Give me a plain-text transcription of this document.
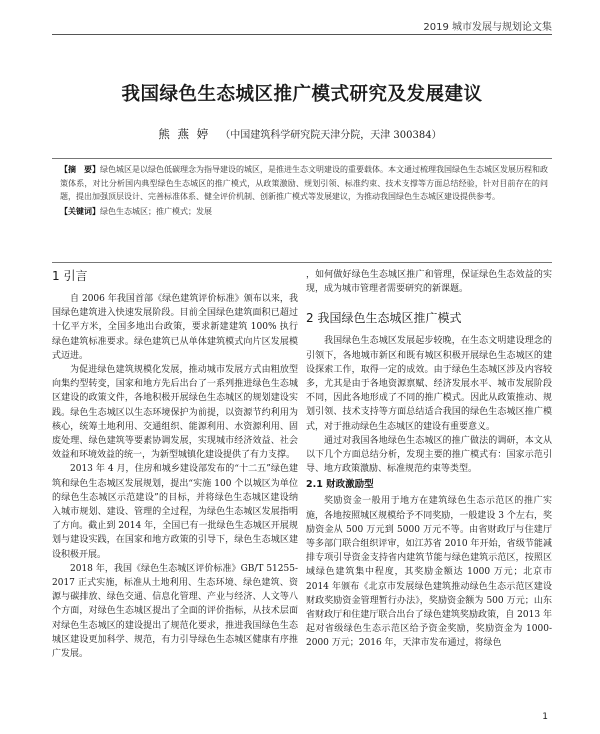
2019 城市发展与规划论文集
我国绿色生态城区推广模式研究及发展建议
熊 燕 婷 （中国建筑科学研究院天津分院，天津 300384）
【摘　要】绿色城区是以绿色低碳理念为指导建设的城区，是推进生态文明建设的重要载体。本文通过梳理我国绿色生态城区发展历程和政策体系，对比分析国内典型绿色生态城区的推广模式，从政策激励、规划引领、标准约束、技术支撑等方面总结经验，针对目前存在的问题，提出加强顶层设计、完善标准体系、健全评价机制、创新推广模式等发展建议，为推动我国绿色生态城区建设提供参考。
【关键词】绿色生态城区；推广模式；发展
1 引言

自 2006 年我国首部《绿色建筑评价标准》颁布以来，我国绿色建筑进入快速发展阶段。目前全国绿色建筑面积已超过十亿平方米，全国多地出台政策，要求新建建筑 100% 执行绿色建筑标准要求。绿色建筑已从单体建筑模式向片区发展模式迈进。

为促进绿色建筑规模化发展，推动城市发展方式由粗放型向集约型转变，国家和地方先后出台了一系列推进绿色生态城区建设的政策文件，各地积极开展绿色生态城区的规划建设实践。绿色生态城区以生态环境保护为前提，以资源节约利用为核心，统筹土地利用、交通组织、能源利用、水资源利用、固废处理、绿色建筑等要素协调发展，实现城市经济效益、社会效益和环境效益的统一，为新型城镇化建设提供了有力支撑。

2013 年 4 月，住房和城乡建设部发布的“十二五”绿色建筑和绿色生态城区发展规划，提出“实施 100 个以城区为单位的绿色生态城区示范建设”的目标，并将绿色生态城区建设纳入城市规划、建设、管理的全过程，为绿色生态城区发展指明了方向。截止到 2014 年，全国已有一批绿色生态城区开展规划与建设实践，在国家和地方政策的引导下，绿色生态城区建设积极开展。

2018 年，我国《绿色生态城区评价标准》GB/T 51255-2017 正式实施，标准从土地利用、生态环境、绿色建筑、资源与碳排放、绿色交通、信息化管理、产业与经济、人文等八个方面，对绿色生态城区提出了全面的评价指标，从技术层面对绿色生态城区的建设提出了规范化要求，推进我国绿色生态城区建设更加科学、规范，有力引导绿色生态城区健康有序推广发展。

，如何做好绿色生态城区推广和管理，保证绿色生态效益的实现，成为城市管理者需要研究的新课题。

2 我国绿色生态城区推广模式

我国绿色生态城区发展起步较晚，在生态文明建设理念的引领下，各地城市新区和既有城区积极开展绿色生态城区的建设探索工作，取得一定的成效。由于绿色生态城区涉及内容较多，尤其是由于各地资源禀赋、经济发展水平、城市发展阶段不同，因此各地形成了不同的推广模式。因此从政策推动、规划引领、技术支持等方面总结适合我国的绿色生态城区推广模式，对于推动绿色生态城区的建设有重要意义。

通过对我国各地绿色生态城区的推广做法的调研，本文从以下几个方面总结分析，发现主要的推广模式有：国家示范引导、地方政策激励、标准规范约束等类型。

2.1 财政激励型

奖励资金一般用于地方在建筑绿色生态示范区的推广实施，各地按照城区规模给予不同奖励，一般建设 3 个左右，奖励资金从 500 万元到 5000 万元不等。由省财政厅与住建厅等多部门联合组织评审，如江苏省 2010 年开始，省级节能减排专项引导资金支持省内建筑节能与绿色建筑示范区，按照区域绿色建筑集中程度，其奖励金额达 1000 万元；北京市 2014 年颁布《北京市发展绿色建筑推动绿色生态示范区建设财政奖励资金管理暂行办法》，奖励资金额为 500 万元；山东省财政厅和住建厅联合出台了绿色建筑奖励政策，自 2013 年起对省级绿色生态示范区给予资金奖励，奖励资金为 1000-2000 万元；2016 年，天津市发布通过，将绿色

1
